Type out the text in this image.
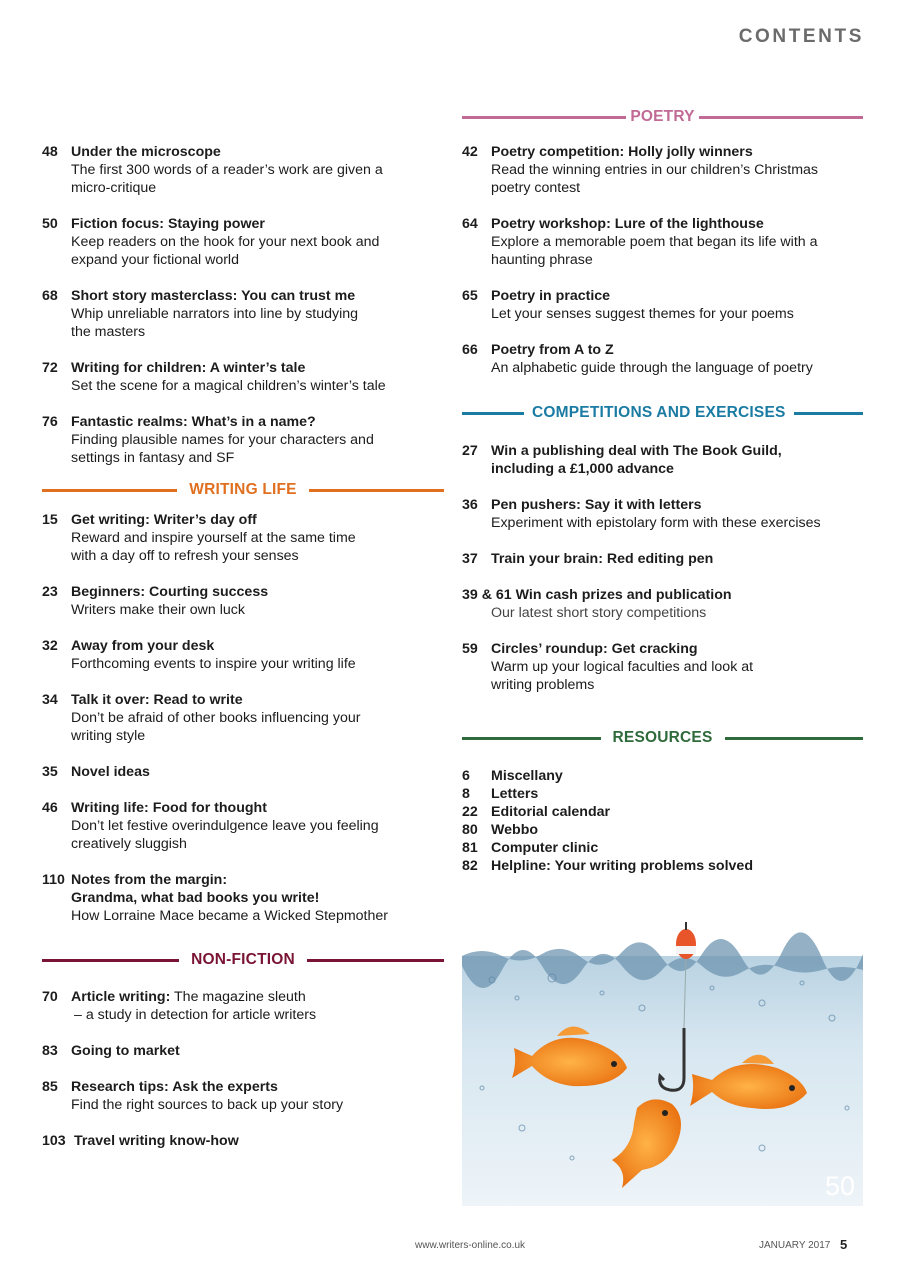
CONTENTS
48 Under the microscope
The first 300 words of a reader’s work are given a
micro-critique
50 Fiction focus: Staying power
Keep readers on the hook for your next book and
expand your fictional world
68 Short story masterclass: You can trust me
Whip unreliable narrators into line by studying
the masters
72 Writing for children: A winter’s tale
Set the scene for a magical children’s winter’s tale
76 Fantastic realms: What’s in a name?
Finding plausible names for your characters and
settings in fantasy and SF
WRITING LIFE
15 Get writing: Writer’s day off
Reward and inspire yourself at the same time
with a day off to refresh your senses
23 Beginners: Courting success
Writers make their own luck
32 Away from your desk
Forthcoming events to inspire your writing life
34 Talk it over: Read to write
Don’t be afraid of other books influencing your
writing style
35 Novel ideas
46 Writing life: Food for thought
Don’t let festive overindulgence leave you feeling
creatively sluggish
110 Notes from the margin:
Grandma, what bad books you write!
How Lorraine Mace became a Wicked Stepmother
NON-FICTION
70 Article writing: The magazine sleuth
– a study in detection for article writers
83 Going to market
85 Research tips: Ask the experts
Find the right sources to back up your story
103 Travel writing know-how
POETRY
42 Poetry competition: Holly jolly winners
Read the winning entries in our children’s Christmas
poetry contest
64 Poetry workshop: Lure of the lighthouse
Explore a memorable poem that began its life with a
haunting phrase
65 Poetry in practice
Let your senses suggest themes for your poems
66 Poetry from A to Z
An alphabetic guide through the language of poetry
COMPETITIONS AND EXERCISES
27 Win a publishing deal with The Book Guild,
including a £1,000 advance
36 Pen pushers: Say it with letters
Experiment with epistolary form with these exercises
37 Train your brain: Red editing pen
39 & 61 Win cash prizes and publication
Our latest short story competitions
59 Circles’ roundup: Get cracking
Warm up your logical faculties and look at
writing problems
RESOURCES
6	Miscellany
8	Letters
22 Editorial calendar
80 Webbo
81 Computer clinic
82 Helpline: Your writing problems solved
50
www.writers-online.co.uk	JANUARY 2017 5
